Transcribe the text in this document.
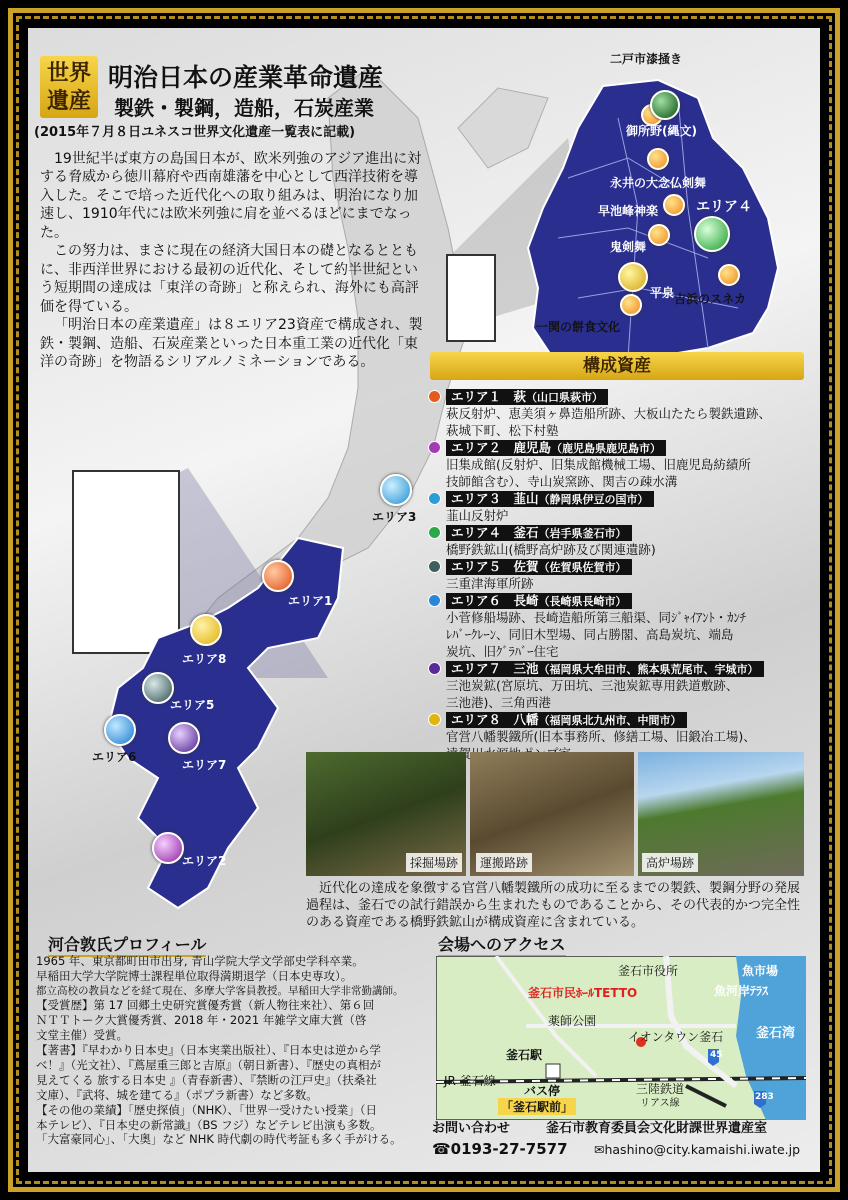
世界
遺産
明治日本の産業革命遺産
製鉄・製鋼，造船，石炭産業
(2015年７月８日ユネスコ世界文化遺産一覧表に記載)

19世紀半ば東方の島国日本が、欧米列強のアジア進出に対する脅威から徳川幕府や西南雄藩を中心として西洋技術を導入した。そこで培った近代化への取り組みは、明治になり加速し、1910年代には欧米列強に肩を並べるほどにまでなった。

この努力は、まさに現在の経済大国日本の礎となるとともに、非西洋世界における最初の近代化、そして約半世紀という短期間の達成は「東洋の奇跡」と称えられ、海外にも高評価を得ている。

「明治日本の産業遺産」は８エリア23資産で構成され、製鉄・製鋼、造船、石炭産業といった日本重工業の近代化「東洋の奇跡」を物語るシリアルノミネーションである。

二戸市漆掻き
御所野(縄文)
永井の大念仏剣舞
早池峰神楽	エリア４
鬼剣舞
平泉 吉浜のスネカ
一関の餅食文化
エリア1
エリア8
エリア5
エリア6
エリア7
エリア2
エリア3
構成資産
エリア１　萩（山口県萩市）
萩反射炉、恵美須ヶ鼻造船所跡、大板山たたら製鉄遺跡、
萩城下町、松下村塾
エリア２　鹿児島（鹿児島県鹿児島市）
旧集成館(反射炉、旧集成館機械工場、旧鹿児島紡績所
技師館含む）、寺山炭窯跡、関吉の疎水溝
エリア３　韮山（静岡県伊豆の国市）
韮山反射炉
エリア４　釜石（岩手県釜石市）
橋野鉄鉱山(橋野高炉跡及び関連遺跡)
エリア５　佐賀（佐賀県佐賀市）
三重津海軍所跡
エリア６　長崎（長崎県長崎市）
小菅修船場跡、長崎造船所第三船渠、同ｼﾞｬｲｱﾝﾄ・ｶﾝﾁ
ﾚﾊﾞｰｸﾚｰﾝ、同旧木型場、同占勝閣、高島炭坑、端島
炭坑、旧ｸﾞﾗﾊﾞｰ住宅
エリア７　三池（福岡県大牟田市、熊本県荒尾市、宇城市）
三池炭鉱(宮原坑、万田坑、三池炭鉱専用鉄道敷跡、
三池港)、三角西港
エリア８　八幡（福岡県北九州市、中間市）
官営八幡製鐵所(旧本事務所、修繕工場、旧鍛冶工場)、
採掘場跡	運搬路跡	高炉場跡
近代化の達成を象徴する官営八幡製鐵所の成功に至るまでの製鉄、製鋼分野の発展過程は、釜石での試行錯誤から生まれたものであることから、その代表的かつ完全性のある資産である橋野鉄鉱山が構成資産に含まれている。
河合敦氏プロフィール
1965 年、東京都町田市出身, 青山学院大学文学部史学科卒業。
早稲田大学大学院博士課程単位取得満期退学（日本史専攻）。
都立高校の教員などを経て現在、多摩大学客員教授。早稲田大学非常勤講師。
【受賞歴】第 17 回郷土史研究賞優秀賞（新人物往来社）、第６回
ＮＴＴトーク大賞優秀賞、2018 年・2021 年雑学文庫大賞（啓
文堂主催）受賞。
【著書】『早わかり日本史』（日本実業出版社）、『日本史は逆から学
べ！』（光文社）、『蔦屋重三郎と吉原』（朝日新書）、『歴史の真相が
見えてくる 旅する日本史 』（青春新書）、『禁断の江戸史』（扶桑社
文庫）、『武将、城を建てる』（ポプラ新書）など多数。
【その他の業績】「歴史探偵」（NHK）、「世界一受けたい授業」（日
本テレビ）、『日本史の新常識』（BS フジ）などテレビ出演も多数。
「大富豪同心」、「大奥」など NHK 時代劇の時代考証も多く手がける。
会場へのアクセス
釜石市役所
釜石市民ﾎｰﾙTETTO
薬師公園
イオンタウン釜石
魚市場
魚河岸ﾃﾗｽ
釜石湾
45
283
釜石駅
JR 釜石線
バス停
「釜石駅前」
三陸鉄道
リアス線
お問い合わせ	釜石市教育委員会文化財課世界遺産室
☎0193-27-7577 ✉hashino@city.kamaishi.iwate.jp
